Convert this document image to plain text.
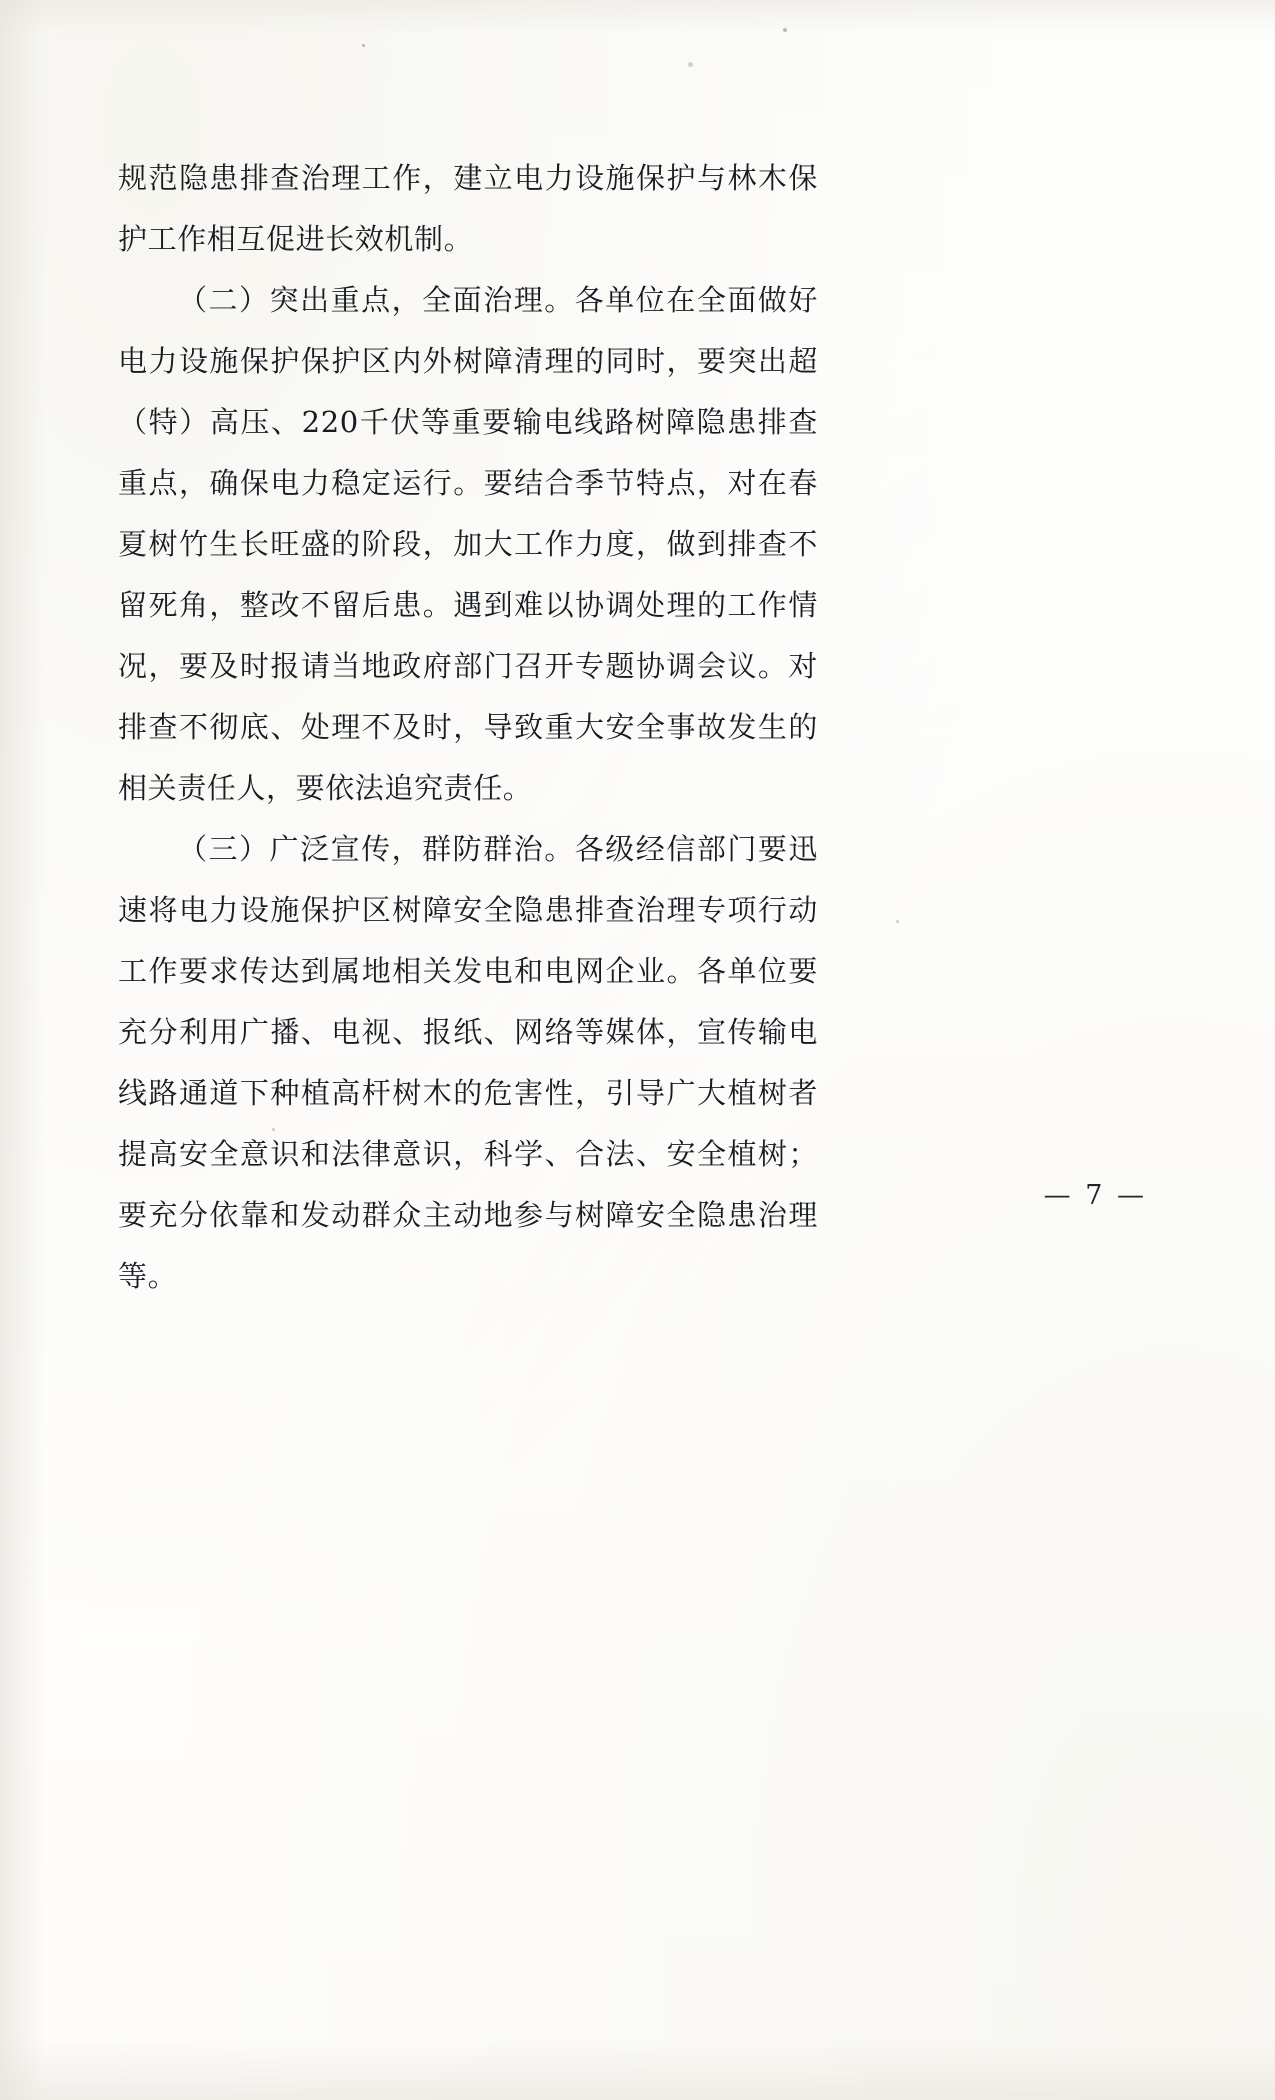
规范隐患排查治理工作，建立电力设施保护与林木保护工作相互促进长效机制。

（二）突出重点，全面治理。各单位在全面做好电力设施保护保护区内外树障清理的同时，要突出超（特）高压、220千伏等重要输电线路树障隐患排查重点，确保电力稳定运行。要结合季节特点，对在春夏树竹生长旺盛的阶段，加大工作力度，做到排查不留死角，整改不留后患。遇到难以协调处理的工作情况，要及时报请当地政府部门召开专题协调会议。对排查不彻底、处理不及时，导致重大安全事故发生的相关责任人，要依法追究责任。

（三）广泛宣传，群防群治。各级经信部门要迅速将电力设施保护区树障安全隐患排查治理专项行动工作要求传达到属地相关发电和电网企业。各单位要充分利用广播、电视、报纸、网络等媒体，宣传输电线路通道下种植高杆树木的危害性，引导广大植树者提高安全意识和法律意识，科学、合法、安全植树；要充分依靠和发动群众主动地参与树障安全隐患治理等。

— 7 —
